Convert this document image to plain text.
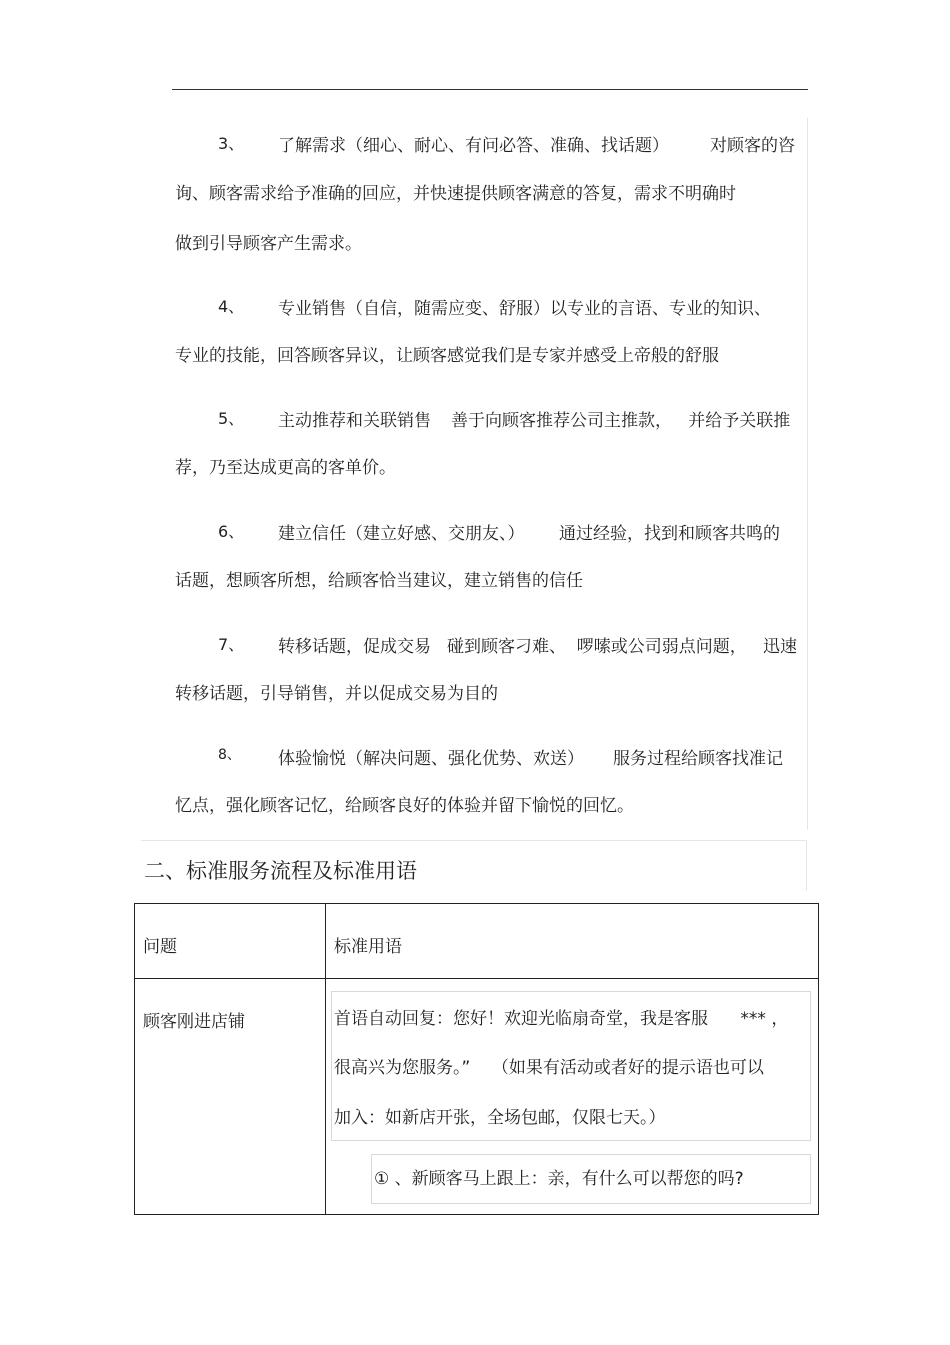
3、 了解需求（细心、耐心、有问必答、准确、找话题） 对顾客的咨
询、顾客需求给予准确的回应，并快速提供顾客满意的答复，需求不明确时
做到引导顾客产生需求。
4、 专业销售（自信，随需应变、舒服）以专业的言语、专业的知识、
专业的技能，回答顾客异议，让顾客感觉我们是专家并感受上帝般的舒服
5、 主动推荐和关联销售 善于向顾客推荐公司主推款，   并给予关联推
荐，乃至达成更高的客单价。
6、 建立信任（建立好感、交朋友、） 通过经验，找到和顾客共鸣的
话题，想顾客所想，给顾客恰当建议，建立销售的信任
7、 转移话题，促成交易 碰到顾客刁难、  啰嗦或公司弱点问题，   迅速
转移话题，引导销售，并以促成交易为目的
8、 体验愉悦（解决问题、强化优势、欢送） 服务过程给顾客找准记
忆点，强化顾客记忆，给顾客良好的体验并留下愉悦的回忆。
二、标准服务流程及标准用语
问题	标准用语

顾客刚进店铺	首语自动回复：您好！欢迎光临扇奇堂，我是客服      *** ，
很高兴为您服务。”    （如果有活动或者好的提示语也可以
加入：如新店开张，全场包邮，仅限七天。）
① 、新顾客马上跟上：亲，有什么可以帮您的吗?
